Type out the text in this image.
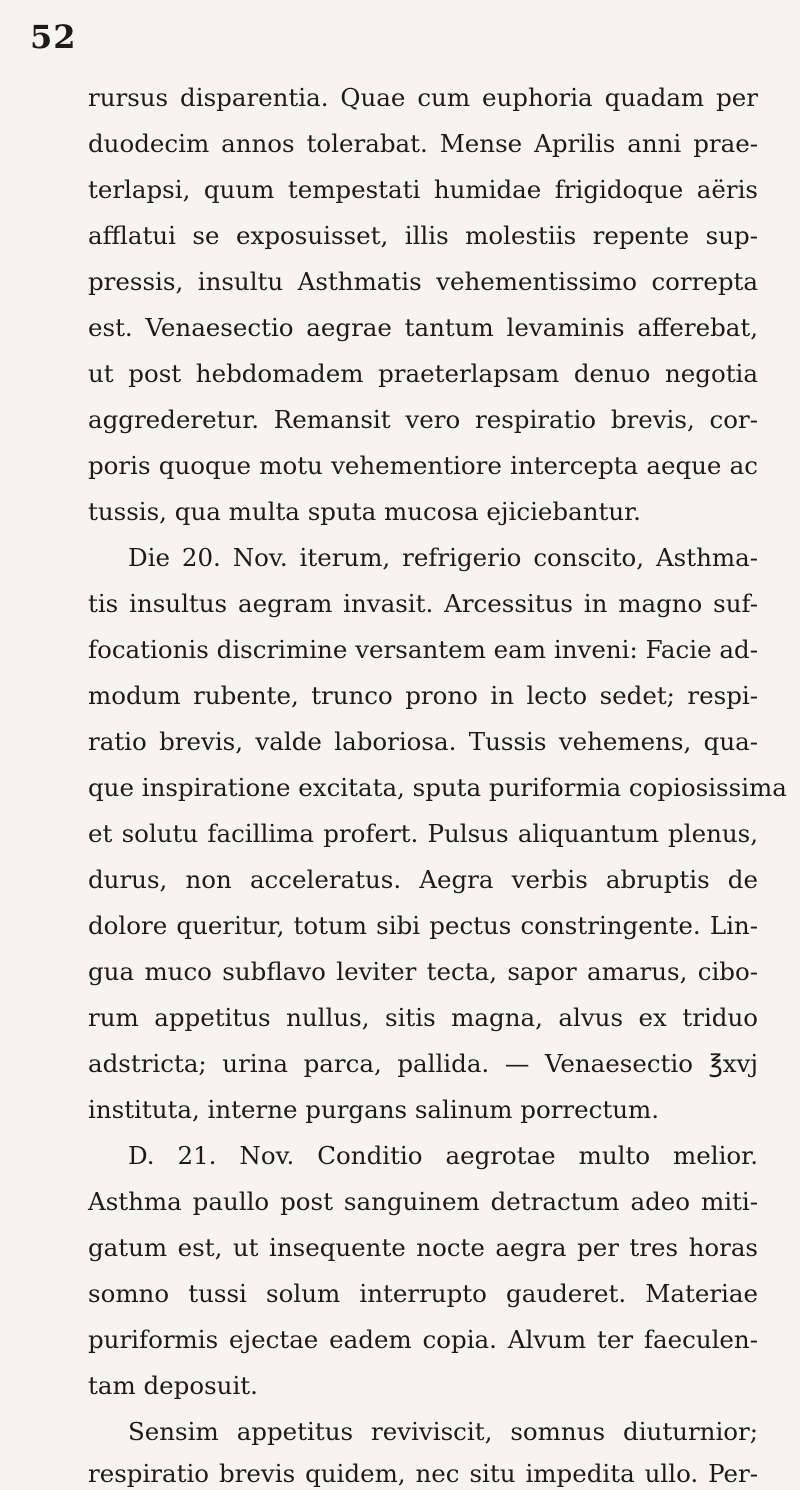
52
rursus disparentia. Quae cum euphoria quadam per
duodecim annos tolerabat. Mense Aprilis anni prae-
terlapsi, quum tempestati humidae frigidoque aëris
afflatui se exposuisset, illis molestiis repente sup-
pressis, insultu Asthmatis vehementissimo correpta
est. Venaesectio aegrae tantum levaminis afferebat,
ut post hebdomadem praeterlapsam denuo negotia
aggrederetur. Remansit vero respiratio brevis, cor-
poris quoque motu vehementiore intercepta aeque ac
tussis, qua multa sputa mucosa ejiciebantur.
Die 20. Nov. iterum, refrigerio conscito, Asthma-
tis insultus aegram invasit. Arcessitus in magno suf-
focationis discrimine versantem eam inveni: Facie ad-
modum rubente, trunco prono in lecto sedet; respi-
ratio brevis, valde laboriosa. Tussis vehemens, qua-
que inspiratione excitata, sputa puriformia copiosissima
et solutu facillima profert. Pulsus aliquantum plenus,
durus, non acceleratus. Aegra verbis abruptis de
dolore queritur, totum sibi pectus constringente. Lin-
gua muco subflavo leviter tecta, sapor amarus, cibo-
rum appetitus nullus, sitis magna, alvus ex triduo
adstricta; urina parca, pallida. — Venaesectio ℥xvj
instituta, interne purgans salinum porrectum.
D. 21. Nov. Conditio aegrotae multo melior.
Asthma paullo post sanguinem detractum adeo miti-
gatum est, ut insequente nocte aegra per tres horas
somno tussi solum interrupto gauderet. Materiae
puriformis ejectae eadem copia. Alvum ter faeculen-
tam deposuit.
Sensim appetitus reviviscit, somnus diuturnior;
respiratio brevis quidem, nec situ impedita ullo. Per-
